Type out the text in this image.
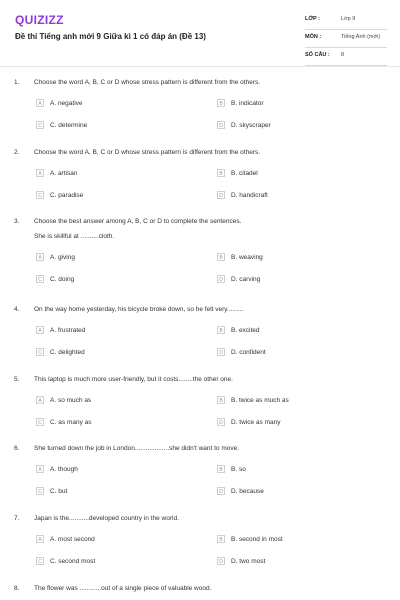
QUIZIZZ
Đề thi Tiếng anh mới 9 Giữa kì 1 có đáp án (Đề 13)
LỚP :	Lớp 9
MÔN :	Tiếng Anh (mới)
SỐ CÂU : 8
1. Choose the word A, B, C or D whose stress pattern is different from the others.
A	A. negative	B	B. indicator
C	C. determine	D	D. skyscraper
2. Choose the word A, B, C or D whose stress pattern is different from the others.
A	A. artisan	B	B. citadel
C	C. paradise	D	D. handicraft
3. Choose the best answer among A, B, C or D to complete the sentences.
She is skillful at ..........cloth.
A	A. giving	B	B. weaving
C	C. doing	D	D. carving
4. On the way home yesterday, his bicycle broke down, so he felt very.........
A	A. frustrated	B	B. excited
C	C. delighted	D	D. confident
5. This laptop is much more user-friendly, but it costs........the other one.
A	A. so much as	B	B. twice as much as
C	C. as many as	D	D. twice as many
6. She turned down the job in London...................she didn't want to move.
A	A. though	B	B. so
C	C. but	D	D. because
7. Japan is the...........developed country in the world.
A	A. most second	B	B. second in most
C	C. second most	D	D. two most
8. The flower was ............out of a single piece of valuable wood.
